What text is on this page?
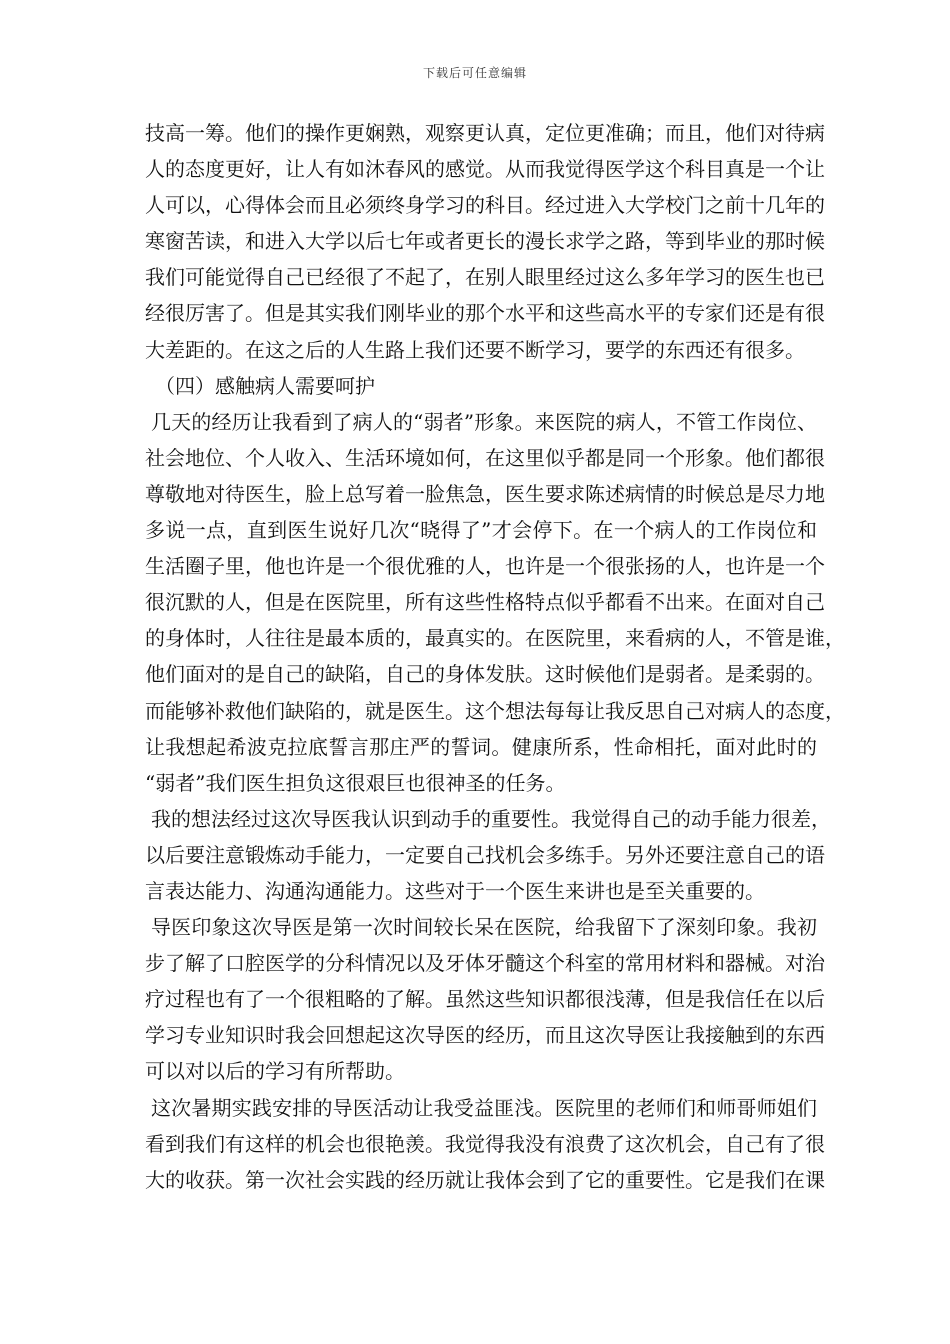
下载后可任意编辑
技高一筹。他们的操作更娴熟，观察更认真，定位更准确；而且，他们对待病
人的态度更好，让人有如沐春风的感觉。从而我觉得医学这个科目真是一个让
人可以，心得体会而且必须终身学习的科目。经过进入大学校门之前十几年的
寒窗苦读，和进入大学以后七年或者更长的漫长求学之路，等到毕业的那时候
我们可能觉得自己已经很了不起了，在别人眼里经过这么多年学习的医生也已
经很厉害了。但是其实我们刚毕业的那个水平和这些高水平的专家们还是有很
大差距的。在这之后的人生路上我们还要不断学习，要学的东西还有很多。
（四）感触病人需要呵护
几天的经历让我看到了病人的“弱者”形象。来医院的病人，不管工作岗位、
社会地位、个人收入、生活环境如何，在这里似乎都是同一个形象。他们都很
尊敬地对待医生，脸上总写着一脸焦急，医生要求陈述病情的时候总是尽力地
多说一点，直到医生说好几次“晓得了”才会停下。在一个病人的工作岗位和
生活圈子里，他也许是一个很优雅的人，也许是一个很张扬的人，也许是一个
很沉默的人，但是在医院里，所有这些性格特点似乎都看不出来。在面对自己
的身体时，人往往是最本质的，最真实的。在医院里，来看病的人，不管是谁，
他们面对的是自己的缺陷，自己的身体发肤。这时候他们是弱者。是柔弱的。
而能够补救他们缺陷的，就是医生。这个想法每每让我反思自己对病人的态度，
让我想起希波克拉底誓言那庄严的誓词。健康所系，性命相托，面对此时的
“弱者”我们医生担负这很艰巨也很神圣的任务。
我的想法经过这次导医我认识到动手的重要性。我觉得自己的动手能力很差，
以后要注意锻炼动手能力，一定要自己找机会多练手。另外还要注意自己的语
言表达能力、沟通沟通能力。这些对于一个医生来讲也是至关重要的。
导医印象这次导医是第一次时间较长呆在医院，给我留下了深刻印象。我初
步了解了口腔医学的分科情况以及牙体牙髓这个科室的常用材料和器械。对治
疗过程也有了一个很粗略的了解。虽然这些知识都很浅薄，但是我信任在以后
学习专业知识时我会回想起这次导医的经历，而且这次导医让我接触到的东西
可以对以后的学习有所帮助。
这次暑期实践安排的导医活动让我受益匪浅。医院里的老师们和师哥师姐们
看到我们有这样的机会也很艳羡。我觉得我没有浪费了这次机会，自己有了很
大的收获。第一次社会实践的经历就让我体会到了它的重要性。它是我们在课
